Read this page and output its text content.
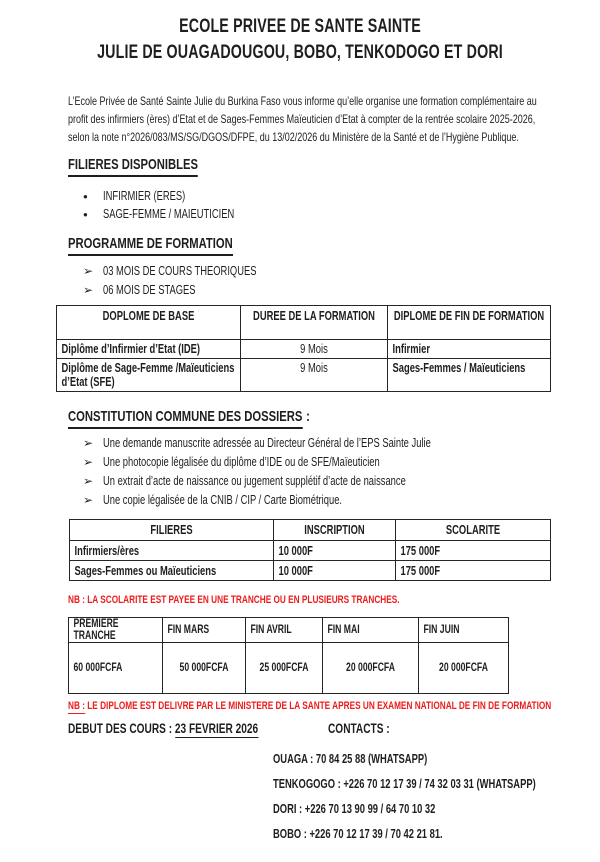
ECOLE PRIVEE DE SANTE SAINTE
JULIE DE OUAGADOUGOU, BOBO, TENKODOGO ET DORI
L’Ecole Privée de Santé Sainte Julie du Burkina Faso vous informe qu’elle organise une formation complémentaire au profit des infirmiers (ères) d’Etat et de Sages-Femmes Maïeuticien d’Etat à compter de la rentrée scolaire 2025-2026, selon la note n°2026/083/MS/SG/DGOS/DFPE, du 13/02/2026 du Ministère de la Santé et de l’Hygiène Publique.
FILIERES DISPONIBLES
●	INFIRMIER (ERES)
●	SAGE-FEMME / MAIEUTICIEN
PROGRAMME DE FORMATION
➢ 03 MOIS DE COURS THEORIQUES
➢ 06 MOIS DE STAGES
DOPLOME DE BASE	DUREE DE LA FORMATION	DIPLOME DE FIN DE FORMATION

Diplôme d’Infirmier d’Etat (IDE)	9 Mois	Infirmier

Diplôme de Sage-Femme /Maïeuticiens d’Etat (SFE)	9 Mois	Sages-Femmes / Maïeuticiens
CONSTITUTION COMMUNE DES DOSSIERS :
➢ Une demande manuscrite adressée au Directeur Général de l’EPS Sainte Julie
➢ Une photocopie légalisée du diplôme d’IDE ou de SFE/Maïeuticien
➢ Un extrait d’acte de naissance ou jugement supplétif d’acte de naissance
➢ Une copie légalisée de la CNIB / CIP / Carte Biométrique.
FILIERES	INSCRIPTION	SCOLARITE

Infirmiers/ères	10 000F	175 000F

Sages-Femmes ou Maïeuticiens	10 000F	175 000F
NB : LA SCOLARITE EST PAYEE EN UNE TRANCHE OU EN PLUSIEURS TRANCHES.
PREMIERE TRANCHE	FIN MARS	FIN AVRIL	FIN MAI	FIN JUIN

60 000FCFA	50 000FCFA	25 000FCFA	20 000FCFA	20 000FCFA
NB : LE DIPLOME EST DELIVRE PAR LE MINISTERE DE LA SANTE APRES UN EXAMEN NATIONAL DE FIN DE FORMATION
DEBUT DES COURS : 23 FEVRIER 2026	CONTACTS :
OUAGA : 70 84 25 88 (WHATSAPP)
TENKOGOGO : +226 70 12 17 39 / 74 32 03 31 (WHATSAPP)
DORI : +226 70 13 90 99 / 64 70 10 32
BOBO : +226 70 12 17 39 / 70 42 21 81.
